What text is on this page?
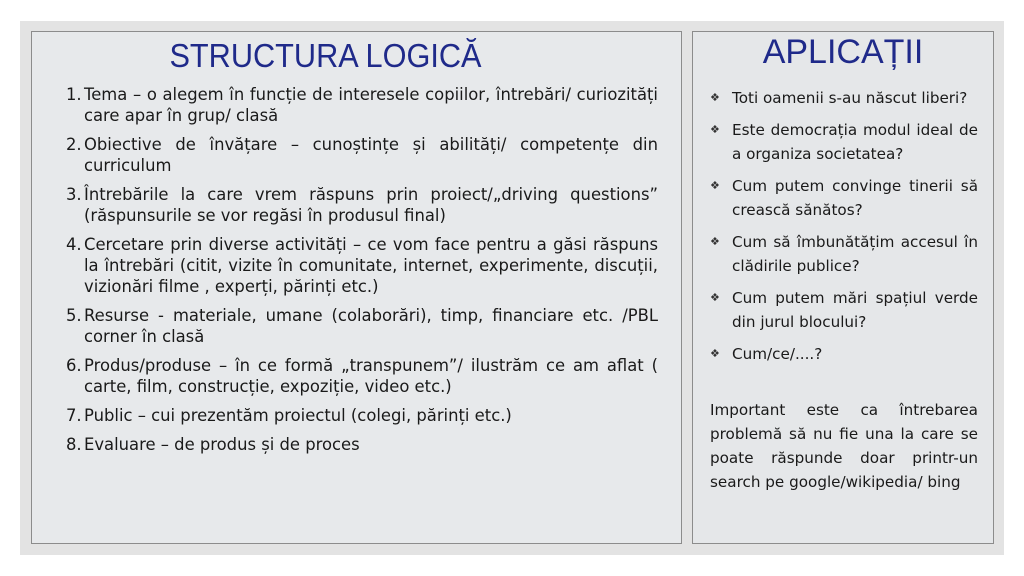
STRUCTURA LOGICĂ
1. Tema – o alegem în funcție de interesele copiilor, întrebări/ curiozități care apar în grup/ clasă
2. Obiective de învățare – cunoștințe și abilități/ competențe din curriculum
3. Întrebările la care vrem răspuns prin proiect/„driving questions” (răspunsurile se vor regăsi în produsul final)
4. Cercetare prin diverse activități – ce vom face pentru a găsi răspuns la întrebări (citit, vizite în comunitate, internet, experimente, discuții, vizionări filme , experți, părinți etc.)
5. Resurse - materiale, umane (colaborări), timp, financiare etc. /PBL corner în clasă
6. Produs/produse – în ce formă „transpunem”/ ilustrăm ce am aflat ( carte, film, construcție, expoziție, video etc.)
7. Public – cui prezentăm proiectul (colegi, părinți etc.)
8. Evaluare – de produs și de proces
APLICAȚII
❖ Toti oamenii s-au născut liberi?
❖ Este democrația modul ideal de a organiza societatea?
❖ Cum putem convinge tinerii să crească sănătos?
❖ Cum să îmbunătățim accesul în clădirile publice?
❖ Cum putem mări spațiul verde din jurul blocului?
❖ Cum/ce/....?

Important este ca întrebarea problemă să nu fie una la care se poate răspunde doar printr-un search pe google/wikipedia/ bing
